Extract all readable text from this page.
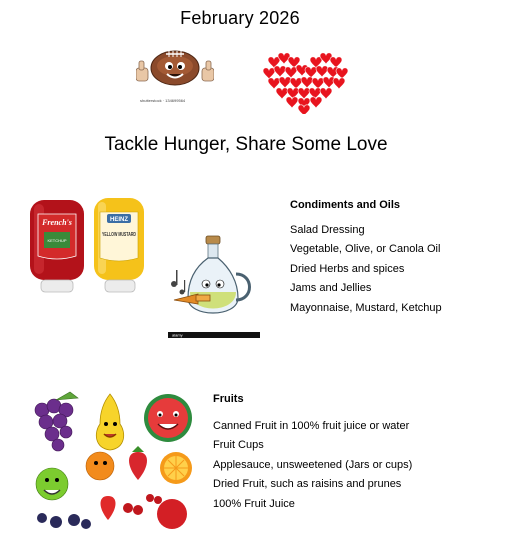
February 2026
shutterstock · 134699564
Tackle Hunger, Share Some Love
French's
KETCHUP
HEINZ
YELLOW MUSTARD
alamy
Condiments and Oils
Salad Dressing
Vegetable, Olive, or Canola Oil
Dried Herbs and spices
Jams and Jellies
Mayonnaise, Mustard, Ketchup
Fruits
Canned Fruit in 100% fruit juice or water
Fruit Cups
Applesauce, unsweetened (Jars or cups)
Dried Fruit, such as raisins and prunes
100% Fruit Juice
